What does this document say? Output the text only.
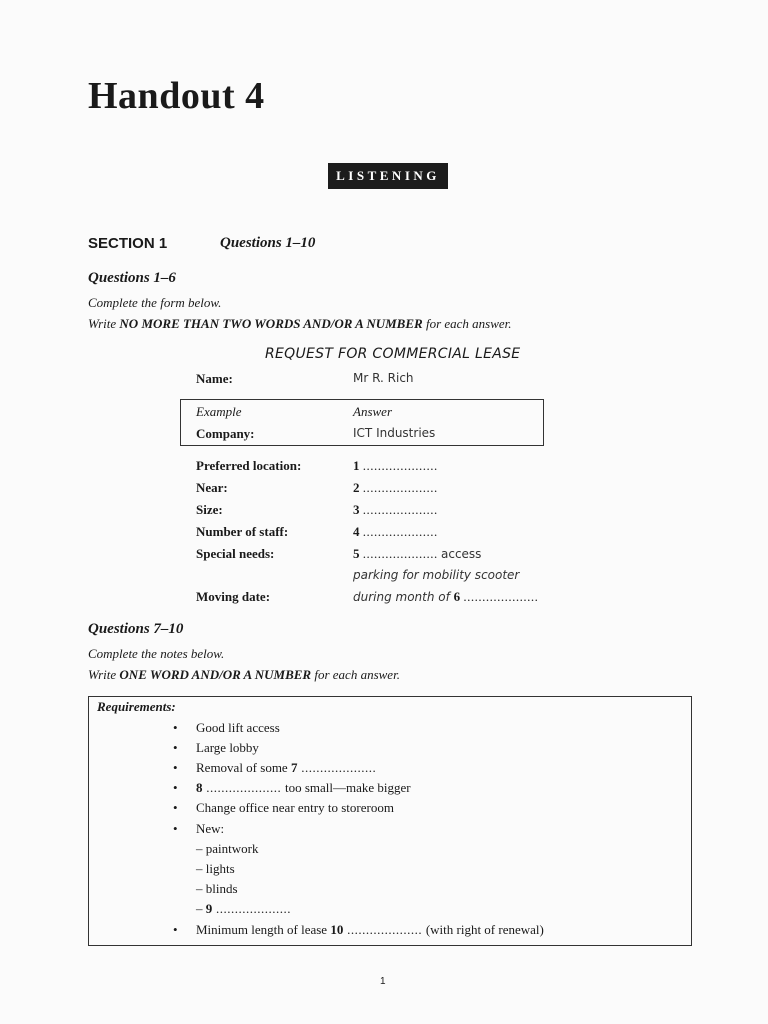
Handout 4
LISTENING
SECTION 1	Questions 1–10
Questions 1–6
Complete the form below.
Write NO MORE THAN TWO WORDS AND/OR A NUMBER for each answer.
REQUEST FOR COMMERCIAL LEASE
Name:	Mr R. Rich
Example	Answer
Company:	ICT Industries
Preferred location:	1 ....................
Near:	2 ....................
Size:	3 ....................
Number of staff:	4 ....................
Special needs:	5 .................... access
parking for mobility scooter
Moving date:	during month of 6 ....................
Questions 7–10
Complete the notes below.
Write ONE WORD AND/OR A NUMBER for each answer.
Requirements:
• Good lift access
• Large lobby
• Removal of some 7 ....................
• 8 .................... too small—make bigger
• Change office near entry to storeroom
• New:
– paintwork
– lights
– blinds
– 9 ....................
• Minimum length of lease 10 .................... (with right of renewal)
1
